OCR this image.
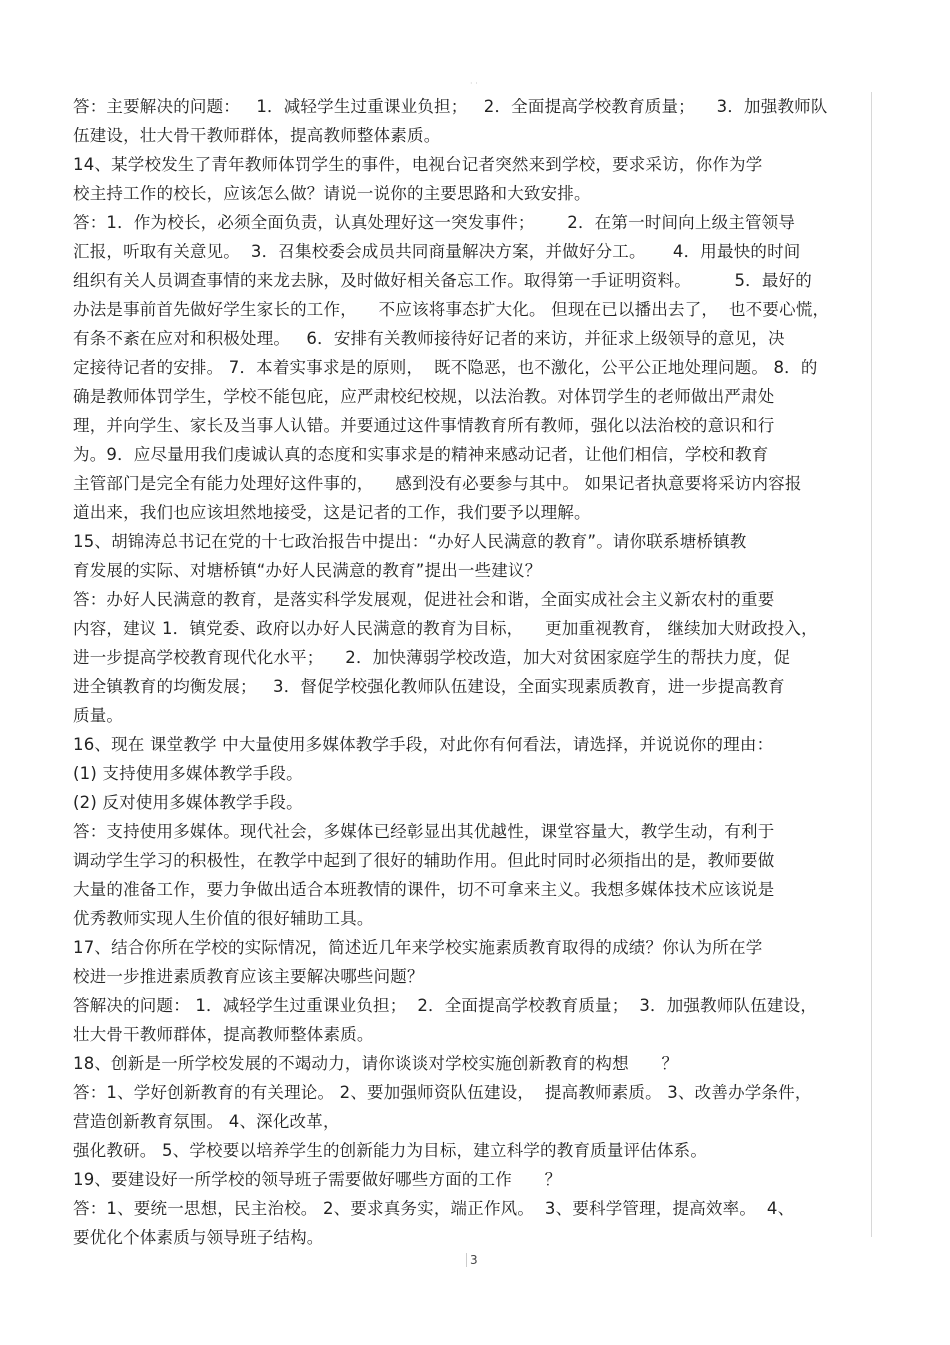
· ·
答：主要解决的问题：   1．减轻学生过重课业负担；   2．全面提高学校教育质量；    3．加强教师队
伍建设，壮大骨干教师群体，提高教师整体素质。
14、某学校发生了青年教师体罚学生的事件，电视台记者突然来到学校，要求采访，你作为学
校主持工作的校长，应该怎么做？请说一说你的主要思路和大致安排。
答：1．作为校长，必须全面负责，认真处理好这一突发事件；      2．在第一时间向上级主管领导
汇报，听取有关意见。  3．召集校委会成员共同商量解决方案，并做好分工。     4．用最快的时间
组织有关人员调查事情的来龙去脉，及时做好相关备忘工作。取得第一手证明资料。        5．最好的
办法是事前首先做好学生家长的工作，    不应该将事态扩大化。 但现在已以播出去了，  也不要心慌，
有条不紊在应对和积极处理。   6．安排有关教师接待好记者的来访，并征求上级领导的意见，决
定接待记者的安排。 7．本着实事求是的原则，  既不隐恶，也不激化，公平公正地处理问题。 8．的
确是教师体罚学生，学校不能包庇，应严肃校纪校规，以法治教。对体罚学生的老师做出严肃处
理，并向学生、家长及当事人认错。并要通过这件事情教育所有教师，强化以法治校的意识和行
为。9．应尽量用我们虔诚认真的态度和实事求是的精神来感动记者，让他们相信，学校和教育
主管部门是完全有能力处理好这件事的，    感到没有必要参与其中。 如果记者执意要将采访内容报
道出来，我们也应该坦然地接受，这是记者的工作，我们要予以理解。
15、胡锦涛总书记在党的十七政治报告中提出：“办好人民满意的教育”。请你联系塘桥镇教
育发展的实际、对塘桥镇“办好人民满意的教育”提出一些建议？
答：办好人民满意的教育，是落实科学发展观，促进社会和谐，全面实成社会主义新农村的重要
内容，建议 1．镇党委、政府以办好人民满意的教育为目标，    更加重视教育， 继续加大财政投入，
进一步提高学校教育现代化水平；    2．加快薄弱学校改造，加大对贫困家庭学生的帮扶力度，促
进全镇教育的均衡发展；   3．督促学校强化教师队伍建设，全面实现素质教育，进一步提高教育
质量。
16、现在 课堂教学 中大量使用多媒体教学手段，对此你有何看法，请选择，并说说你的理由：
(1) 支持使用多媒体教学手段。
(2) 反对使用多媒体教学手段。
答：支持使用多媒体。现代社会，多媒体已经彰显出其优越性，课堂容量大，教学生动，有利于
调动学生学习的积极性，在教学中起到了很好的辅助作用。但此时同时必须指出的是，教师要做
大量的准备工作，要力争做出适合本班教情的课件，切不可拿来主义。我想多媒体技术应该说是
优秀教师实现人生价值的很好辅助工具。
17、结合你所在学校的实际情况，简述近几年来学校实施素质教育取得的成绩？你认为所在学
校进一步推进素质教育应该主要解决哪些问题？
答解决的问题： 1．减轻学生过重课业负担；  2．全面提高学校教育质量；  3．加强教师队伍建设，
壮大骨干教师群体，提高教师整体素质。
18、创新是一所学校发展的不竭动力，请你谈谈对学校实施创新教育的构想      ？
答：1、学好创新教育的有关理论。 2、要加强师资队伍建设，  提高教师素质。 3、改善办学条件，
营造创新教育氛围。 4、深化改革，
强化教研。 5、学校要以培养学生的创新能力为目标，建立科学的教育质量评估体系。
19、要建设好一所学校的领导班子需要做好哪些方面的工作      ？
答：1、要统一思想，民主治校。 2、要求真务实，端正作风。  3、要科学管理，提高效率。  4、
要优化个体素质与领导班子结构。
3
